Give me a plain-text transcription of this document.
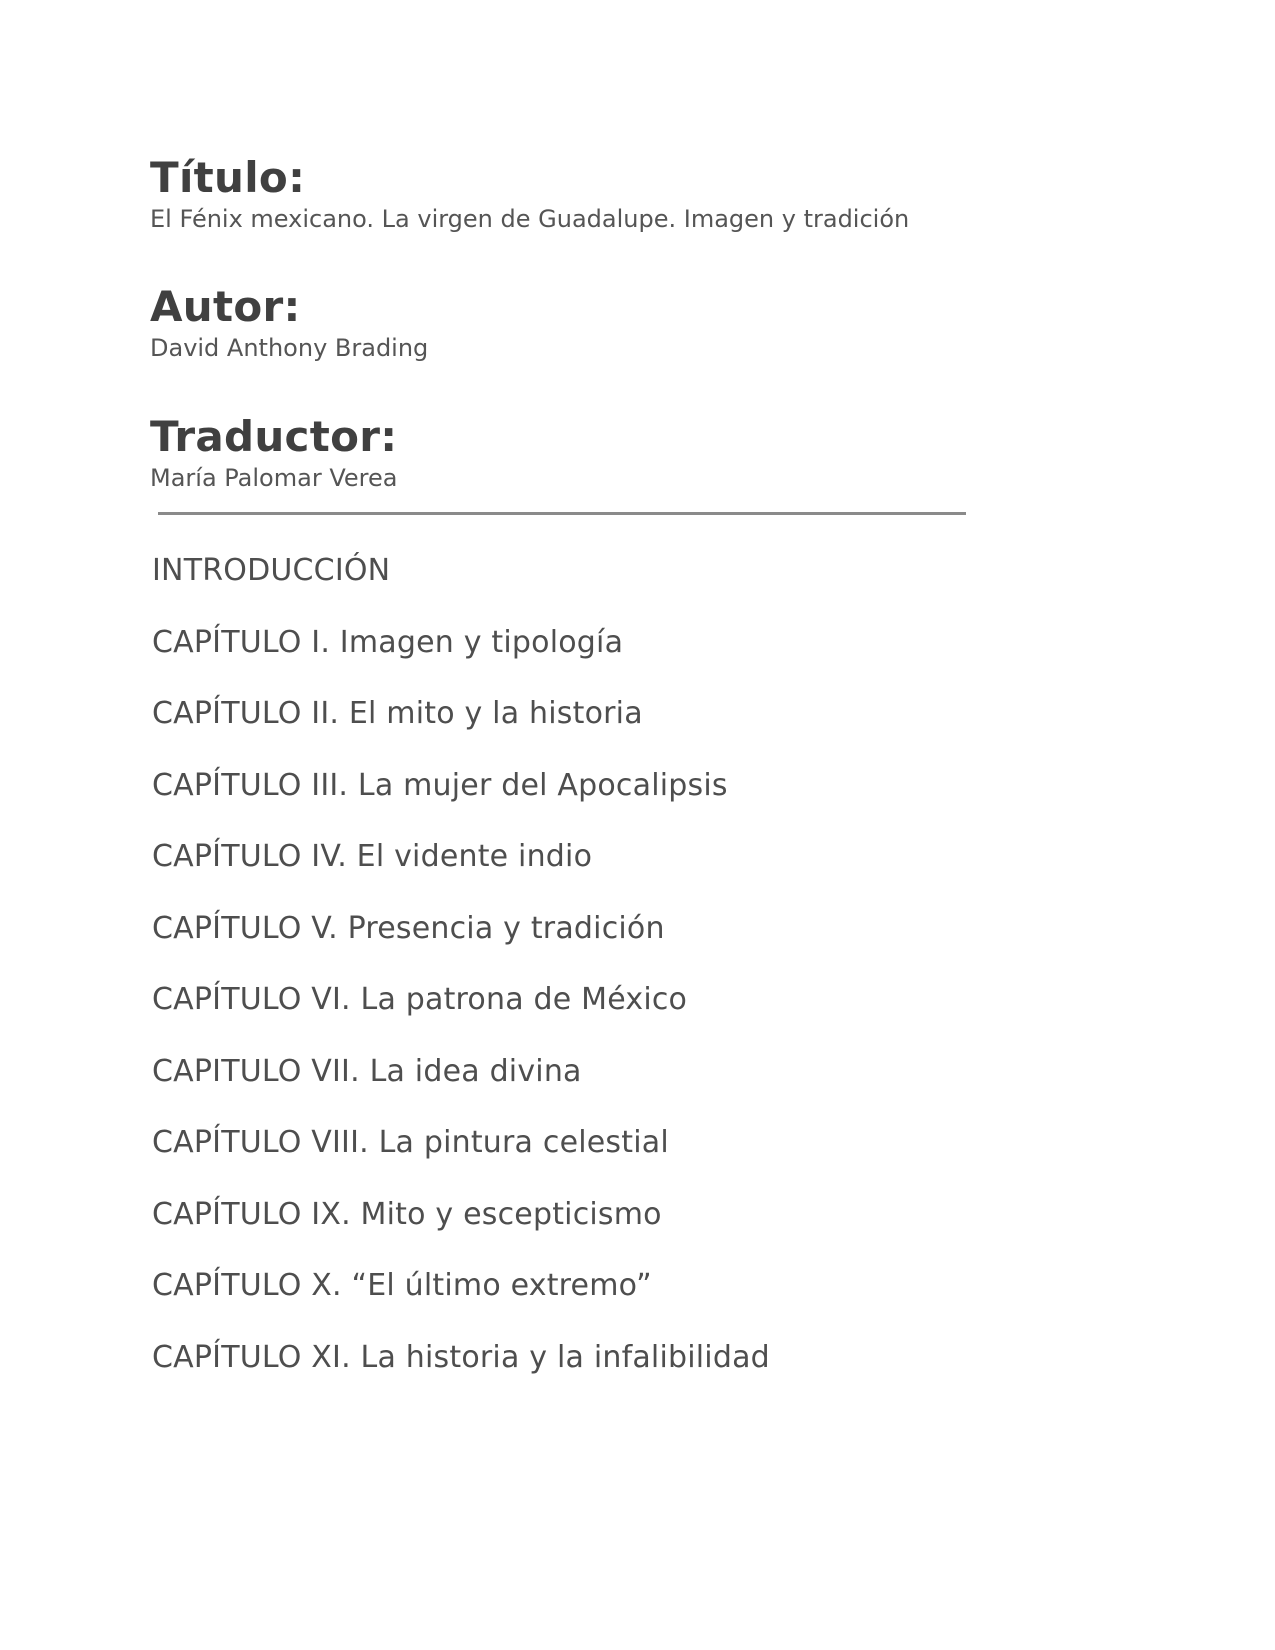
Título:
El Fénix mexicano. La virgen de Guadalupe. Imagen y tradición
Autor:
David Anthony Brading
Traductor:
María Palomar Verea
INTRODUCCIÓN
CAPÍTULO I. Imagen y tipología
CAPÍTULO II. El mito y la historia
CAPÍTULO III. La mujer del Apocalipsis
CAPÍTULO IV. El vidente indio
CAPÍTULO V. Presencia y tradición
CAPÍTULO VI. La patrona de México
CAPITULO VII. La idea divina
CAPÍTULO VIII. La pintura celestial
CAPÍTULO IX. Mito y escepticismo
CAPÍTULO X. “El último extremo”
CAPÍTULO XI. La historia y la infalibilidad
